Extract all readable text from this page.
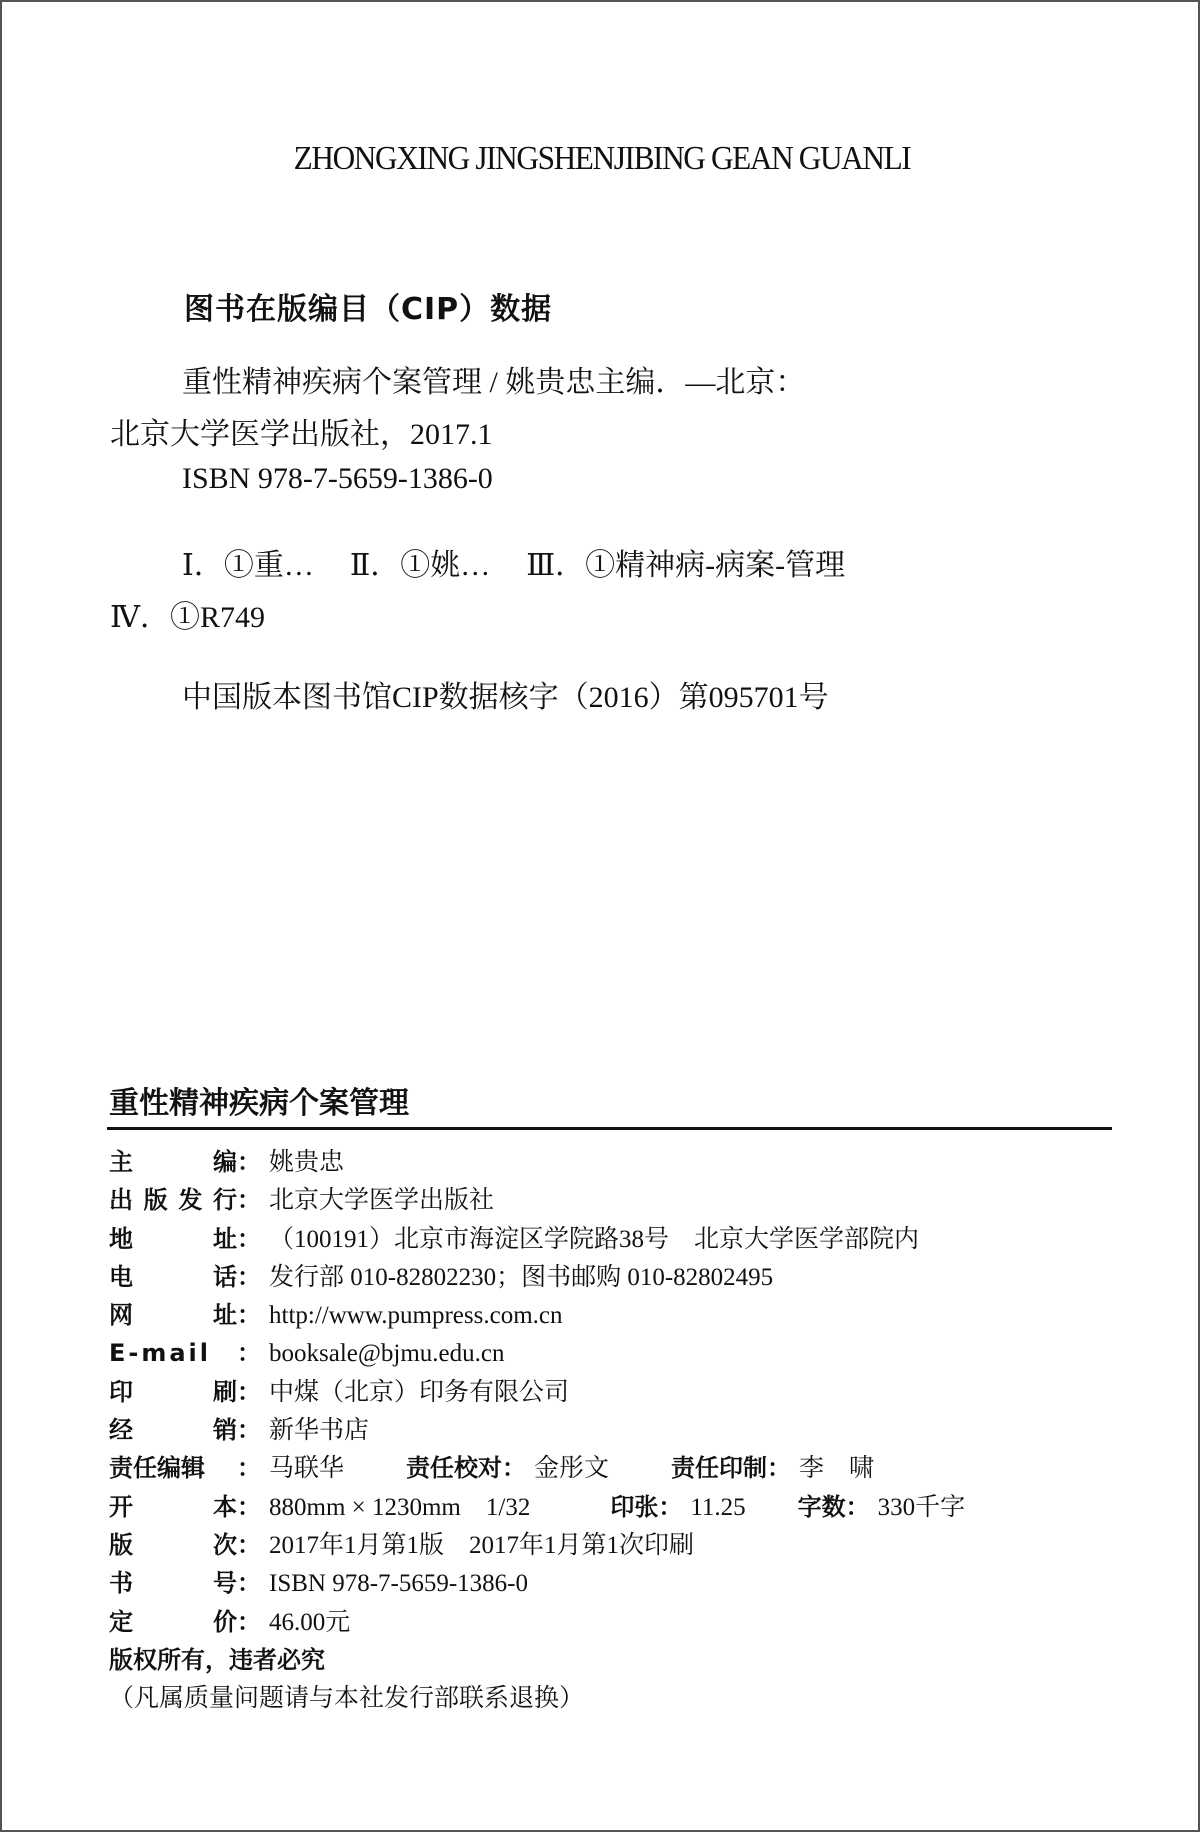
ZHONGXING JINGSHENJIBING GEAN GUANLI
图书在版编目（CIP）数据
重性精神疾病个案管理 / 姚贵忠主编．—北京：
北京大学医学出版社，2017.1
ISBN 978-7-5659-1386-0
Ⅰ．①重… Ⅱ．①姚… Ⅲ．①精神病-病案-管理
Ⅳ．①R749
中国版本图书馆CIP数据核字（2016）第095701号
重性精神疾病个案管理
主	编 ： 姚贵忠
出 版 发 行 ： 北京大学医学出版社
地	址 ： （100191）北京市海淀区学院路38号　北京大学医学部院内
电	话 ： 发行部 010-82802230；图书邮购 010-82802495
网	址 ： http://www.pumpress.com.cn
E-mail ： booksale@bjmu.edu.cn
印	刷 ： 中煤（北京）印务有限公司
经	销 ： 新华书店
责任编辑	： 马联华	责任校对 ： 金彤文	责任印制 ： 李　啸
开	本 ： 880mm × 1230mm　1/32	印张 ： 11.25 字数 ： 330千字
版	次 ： 2017年1月第1版　2017年1月第1次印刷
书	号 ： ISBN 978-7-5659-1386-0
定	价 ： 46.00元
版权所有，违者必究
（凡属质量问题请与本社发行部联系退换）
